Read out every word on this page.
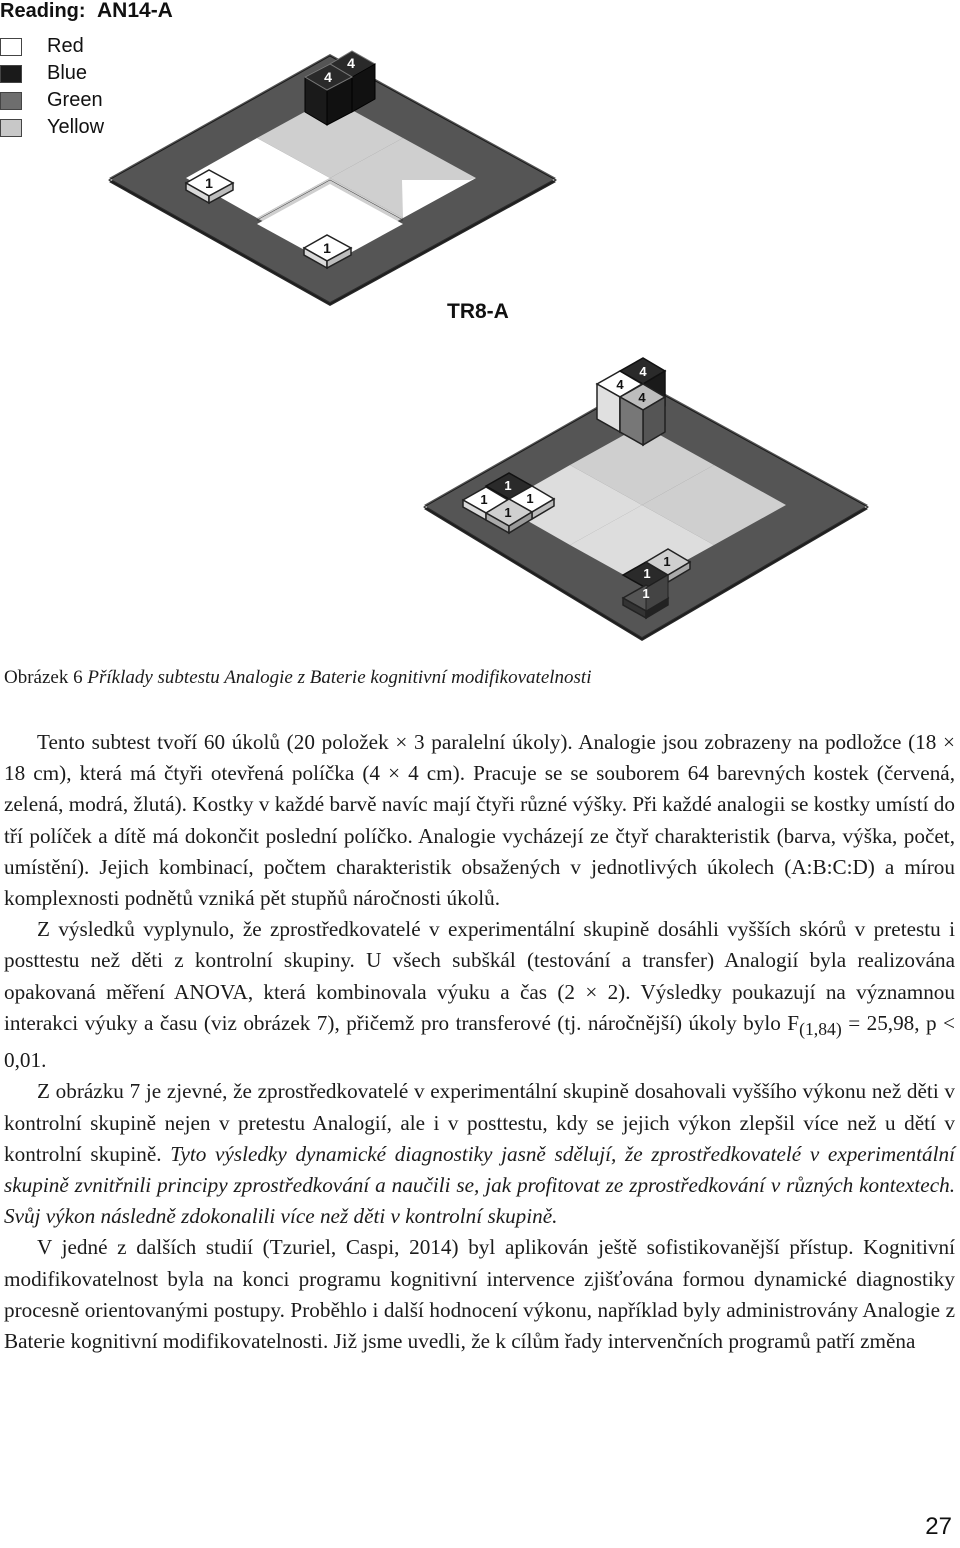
AN14-A
TR8-A
1
1
4
4
1
1
1
1
1
1
1
4
4
4
Reading:
Red
Blue
Green
Yellow
Obrázek 6 Příklady subtestu Analogie z Baterie kognitivní modifikovatelnosti

Tento subtest tvoří 60 úkolů (20 položek × 3 paralelní úkoly). Analogie jsou zobrazeny na podložce (18 × 18 cm), která má čtyři otevřená políčka (4 × 4 cm). Pracuje se se souborem 64 barevných kostek (červená, zelená, modrá, žlutá). Kostky v každé barvě navíc mají čtyři různé výšky. Při každé analogii se kostky umístí do tří políček a dítě má dokončit poslední políčko. Analogie vycházejí ze čtyř charakteristik (barva, výška, počet, umístění). Jejich kombinací, počtem charakteristik obsažených v jednotlivých úkolech (A:B:C:D) a mírou komplexnosti podnětů vzniká pět stupňů náročnosti úkolů.

Z výsledků vyplynulo, že zprostředkovatelé v experimentální skupině dosáhli vyšších skórů v pretestu i posttestu než děti z kontrolní skupiny. U všech subškál (testování a transfer) Analogií byla realizována opakovaná měření ANOVA, která kombinovala výuku a čas (2 × 2). Výsledky poukazují na významnou interakci výuky a času (viz obrázek 7), přičemž pro transferové (tj. náročnější) úkoly bylo $F_{(1,84)} = 25,98$, p < 0,01.

Z obrázku 7 je zjevné, že zprostředkovatelé v experimentální skupině dosahovali vyššího výkonu než děti v kontrolní skupině nejen v pretestu Analogií, ale i v posttestu, kdy se jejich výkon zlepšil více než u dětí v kontrolní skupině. Tyto výsledky dynamické diagnostiky jasně sdělují, že zprostředkovatelé v experimentální skupině zvnitřnili principy zprostředkování a naučili se, jak profitovat ze zprostředkování v různých kontextech. Svůj výkon následně zdokonalili více než děti v kontrolní skupině.

V jedné z dalších studií (Tzuriel, Caspi, 2014) byl aplikován ještě sofistikovanější přístup. Kognitivní modifikovatelnost byla na konci programu kognitivní intervence zjišťována formou dynamické diagnostiky procesně orientovanými postupy. Proběhlo i další hodnocení výkonu, například byly administrovány Analogie z Baterie kognitivní modifikovatelnosti. Již jsme uvedli, že k cílům řady intervenčních programů patří změna

27
